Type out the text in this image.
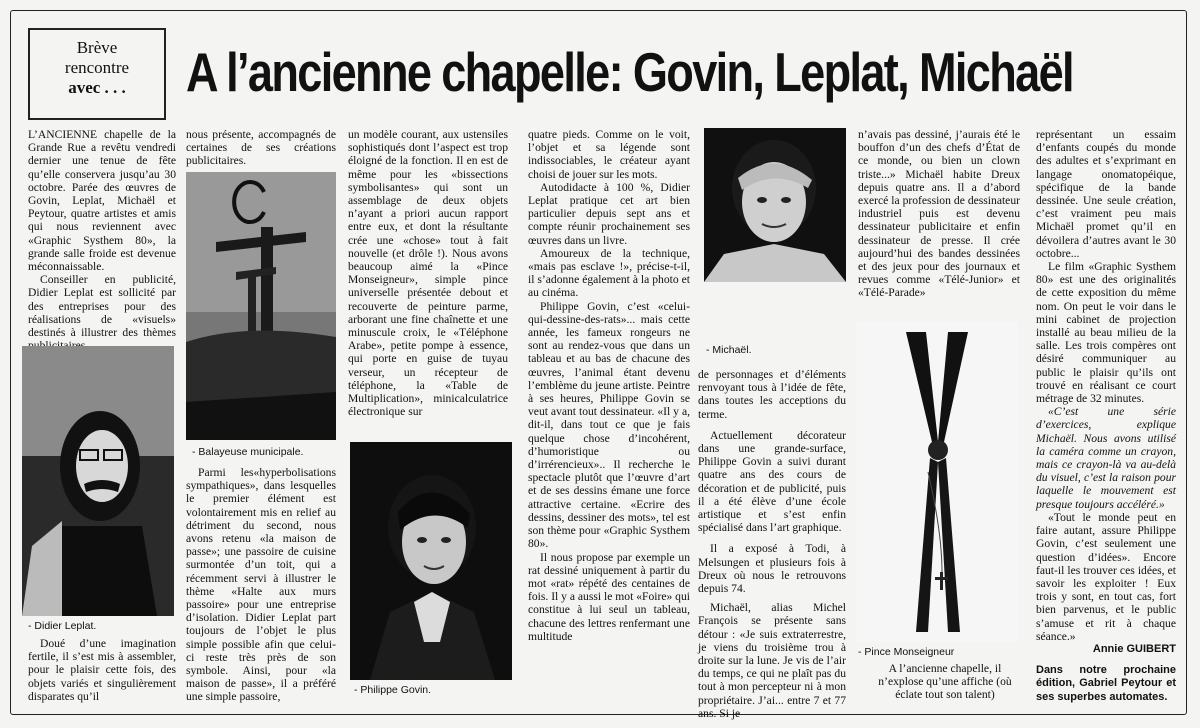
Brève
rencontre
avec . . .	A l’ancienne chapelle: Govin, Leplat, Michaël

L’ANCIENNE chapelle de la Grande Rue a revêtu vendredi dernier une tenue de fête qu’elle conservera jusqu’au 30 octobre. Parée des œuvres de Govin, Leplat, Michaël et Peytour, quatre artistes et amis qui nous reviennent avec «Graphic Systhem 80», la grande salle froide est devenue méconnaissable.

Conseiller en publicité, Didier Leplat est sollicité par des entreprises pour des réalisations de «visuels» destinés à illustrer des thèmes

- Didier Leplat.

Doué d’une imagination fertile, il s’est mis à assembler, pour le plaisir cette fois, des objets variés et singulièrement disparates qu’il

nous présente, accompagnés de certaines de ses créations publicitaires.

- Balayeuse municipale.

Parmi les«hyperbolisations sympathiques», dans lesquelles le premier élément est volontairement mis en relief au détriment du second, nous avons retenu «la maison de passe»; une passoire de cuisine surmontée d’un toit, qui a récemment servi à illustrer le thème «Halte aux murs passoire» pour une entreprise d’isolation. Didier Leplat part toujours de l’objet le plus simple possible afin que celui-ci reste très près de son symbole. Ainsi, pour «la maison de passe», il a préféré une simple passoire,

un modèle courant, aux ustensiles sophistiqués dont l’aspect est trop éloigné de la fonction. Il en est de même pour les «bissections symbolisantes» qui sont un assemblage de deux objets n’ayant a priori aucun rapport entre eux, et dont la résultante crée une «chose» tout à fait nouvelle (et drôle !). Nous avons beaucoup aimé la «Pince Monseigneur», simple pince universelle présentée debout et recouverte de peinture parme, arborant une fine chaînette et une minuscule croix, le «Téléphone Arabe», petite pompe à essence, qui porte en guise de tuyau verseur, un récepteur de téléphone, la «Table de Multiplication», minicalculatrice électronique sur

- Philippe Govin.

quatre pieds. Comme on le voit, l’objet et sa légende sont indissociables, le créateur ayant choisi de jouer sur les mots.

Autodidacte à 100 %, Didier Leplat pratique cet art bien particulier depuis sept ans et compte réunir prochainement ses œuvres dans un livre.

Amoureux de la technique, «mais pas esclave !», précise-t-il, il s’adonne également à la photo et au cinéma.

Philippe Govin, c’est «celui-qui-dessine-des-rats»... mais cette année, les fameux rongeurs ne sont au rendez-vous que dans un tableau et au bas de chacune des œuvres, l’animal étant devenu l’emblème du jeune artiste. Peintre à ses heures, Philippe Govin se veut avant tout dessinateur. «Il y a, dit-il, dans tout ce que je fais quelque chose d’incohérent, d’humoristique ou d’irrérencieux».. Il recherche le spectacle plutôt que l’œuvre d’art et de ses dessins émane une force attractive certaine. «Ecrire des dessins, dessiner des mots», tel est son thème pour «Graphic Systhem 80».

Il nous propose par exemple un rat dessiné uniquement à partir du mot «rat» répété des centaines de fois. Il y a aussi le mot «Foire» qui constitue à lui seul un tableau, chacune des lettres renfermant une multitude

- Michaël.

de personnages et d’éléments renvoyant tous à l’idée de fête, dans toutes les acceptions du terme.

Actuellement décorateur dans une grande-surface, Philippe Govin a suivi durant quatre ans des cours de décoration et de publicité, puis il a été élève d’une école artistique et s’est enfin spécialisé dans l’art graphique.

Il a exposé à Todi, à Melsungen et plusieurs fois à Dreux où nous le retrouvons depuis 74.

Michaël, alias Michel François se présente sans détour : «Je suis extraterrestre, je viens du troisième trou à droite sur la lune. Je vis de l’air du temps, ce qui ne plaît pas du tout à mon percepteur ni à mon propriétaire. J’ai... entre 7 et 77 ans. Si je

n’avais pas dessiné, j’aurais été le bouffon d’un des chefs d’État de ce monde, ou bien un clown triste...» Michaël habite Dreux depuis quatre ans. Il a d’abord exercé la profession de dessinateur industriel puis est devenu dessinateur publicitaire et enfin dessinateur de presse. Il crée aujourd’hui des bandes dessinées et des jeux pour des journaux et revues comme «Télé-Junior» et «Télé-Parade»

- Pince Monseigneur

A l’ancienne chapelle, il n’explose qu’une affiche (où éclate tout son talent)

représentant un essaim d’enfants coupés du monde des adultes et s’exprimant en langage onomatopéique, spécifique de la bande dessinée. Une seule création, c’est vraiment peu mais Michaël promet qu’il en dévoilera d’autres avant le 30 octobre...

Le film «Graphic Systhem 80» est une des originalités de cette exposition du même nom. On peut le voir dans le mini cabinet de projection installé au beau milieu de la salle. Les trois compères ont désiré communiquer au public le plaisir qu’ils ont trouvé en réalisant ce court métrage de 32 minutes.

«C’est une série d’exercices, explique Michaël. Nous avons utilisé la caméra comme un crayon, mais ce crayon-là va au-delà du visuel, c’est la raison pour laquelle le mouvement est presque toujours accéléré.»

«Tout le monde peut en faire autant, assure Philippe Govin, c’est seulement une question d’idées». Encore faut-il les trouver ces idées, et savoir les exploiter ! Eux trois y sont, en tout cas, fort bien parvenus, et le public s’amuse et rit à chaque séance.»

Annie GUIBERT

Dans notre prochaine édition, Gabriel Peytour et ses superbes automates.
